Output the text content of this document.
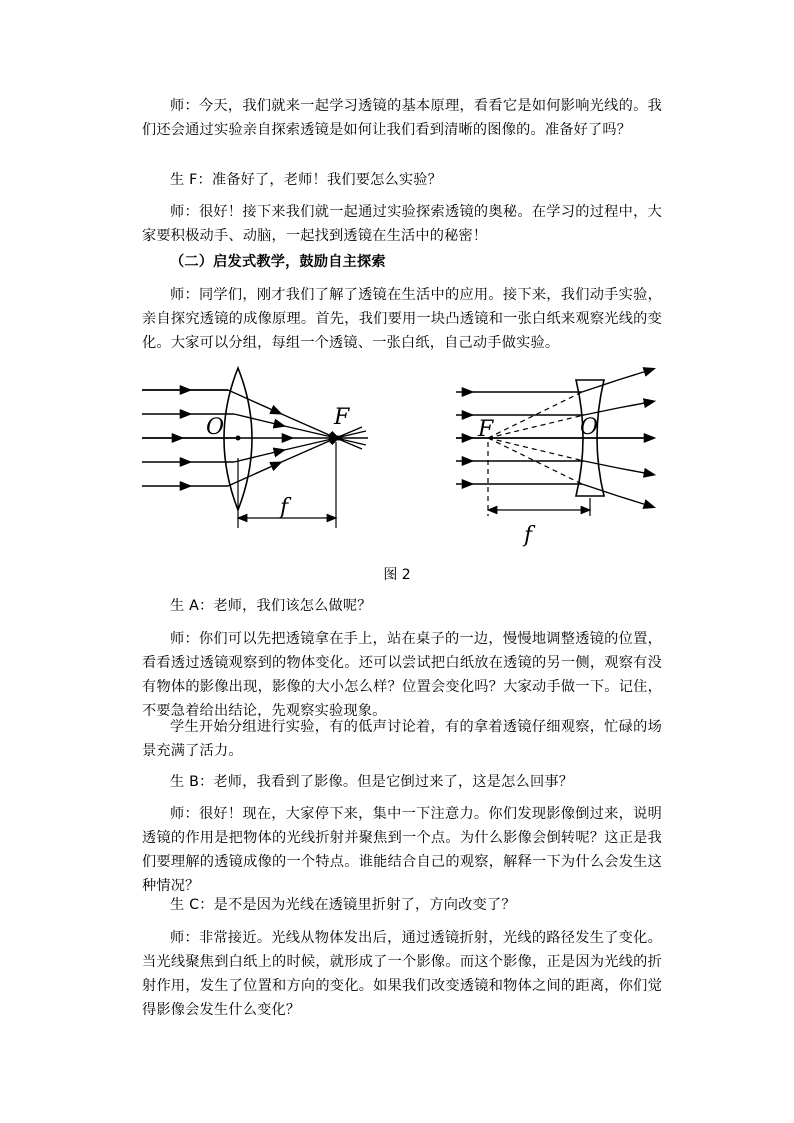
师：今天，我们就来一起学习透镜的基本原理，看看它是如何影响光线的。我们还会通过实验亲自探索透镜是如何让我们看到清晰的图像的。准备好了吗？

生 F：准备好了，老师！我们要怎么实验？

师：很好！接下来我们就一起通过实验探索透镜的奥秘。在学习的过程中，大家要积极动手、动脑，一起找到透镜在生活中的秘密！

（二）启发式教学，鼓励自主探索

师：同学们，刚才我们了解了透镜在生活中的应用。接下来，我们动手实验，亲自探究透镜的成像原理。首先，我们要用一块凸透镜和一张白纸来观察光线的变化。大家可以分组，每组一个透镜、一张白纸，自己动手做实验。

O	F
f
F	O
f
图 2

生 A：老师，我们该怎么做呢？

师：你们可以先把透镜拿在手上，站在桌子的一边，慢慢地调整透镜的位置，看看透过透镜观察到的物体变化。还可以尝试把白纸放在透镜的另一侧，观察有没有物体的影像出现，影像的大小怎么样？位置会变化吗？大家动手做一下。记住，不要急着给出结论，先观察实验现象。

学生开始分组进行实验，有的低声讨论着，有的拿着透镜仔细观察，忙碌的场景充满了活力。

生 B：老师，我看到了影像。但是它倒过来了，这是怎么回事？

师：很好！现在，大家停下来，集中一下注意力。你们发现影像倒过来，说明透镜的作用是把物体的光线折射并聚焦到一个点。为什么影像会倒转呢？这正是我们要理解的透镜成像的一个特点。谁能结合自己的观察，解释一下为什么会发生这种情况？

生 C：是不是因为光线在透镜里折射了，方向改变了？

师：非常接近。光线从物体发出后，通过透镜折射，光线的路径发生了变化。当光线聚焦到白纸上的时候，就形成了一个影像。而这个影像，正是因为光线的折射作用，发生了位置和方向的变化。如果我们改变透镜和物体之间的距离，你们觉得影像会发生什么变化？
